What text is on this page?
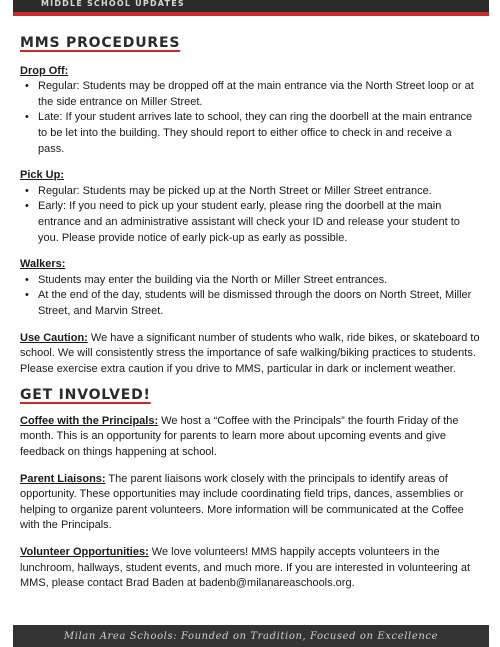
MIDDLE SCHOOL UPDATES
MMS PROCEDURES
Drop Off:
• Regular: Students may be dropped off at the main entrance via the North Street loop or at the side entrance on Miller Street.
• Late: If your student arrives late to school, they can ring the doorbell at the main entrance to be let into the building. They should report to either office to check in and receive a pass.
Pick Up:
• Regular: Students may be picked up at the North Street or Miller Street entrance.
• Early: If you need to pick up your student early, please ring the doorbell at the main entrance and an administrative assistant will check your ID and release your student to you. Please provide notice of early pick-up as early as possible.
Walkers:
• Students may enter the building via the North or Miller Street entrances.
• At the end of the day, students will be dismissed through the doors on North Street, Miller Street, and Marvin Street.

Use Caution: We have a significant number of students who walk, ride bikes, or skateboard to school. We will consistently stress the importance of safe walking/biking practices to students. Please exercise extra caution if you drive to MMS, particular in dark or inclement weather.

GET INVOLVED!

Coffee with the Principals: We host a “Coffee with the Principals” the fourth Friday of the month. This is an opportunity for parents to learn more about upcoming events and give feedback on things happening at school.

Parent Liaisons: The parent liaisons work closely with the principals to identify areas of opportunity. These opportunities may include coordinating field trips, dances, assemblies or helping to organize parent volunteers. More information will be communicated at the Coffee with the Principals.

Volunteer Opportunities: We love volunteers! MMS happily accepts volunteers in the lunchroom, hallways, student events, and much more. If you are interested in volunteering at MMS, please contact Brad Baden at badenb@milanareaschools.org.

Milan Area Schools: Founded on Tradition, Focused on Excellence
